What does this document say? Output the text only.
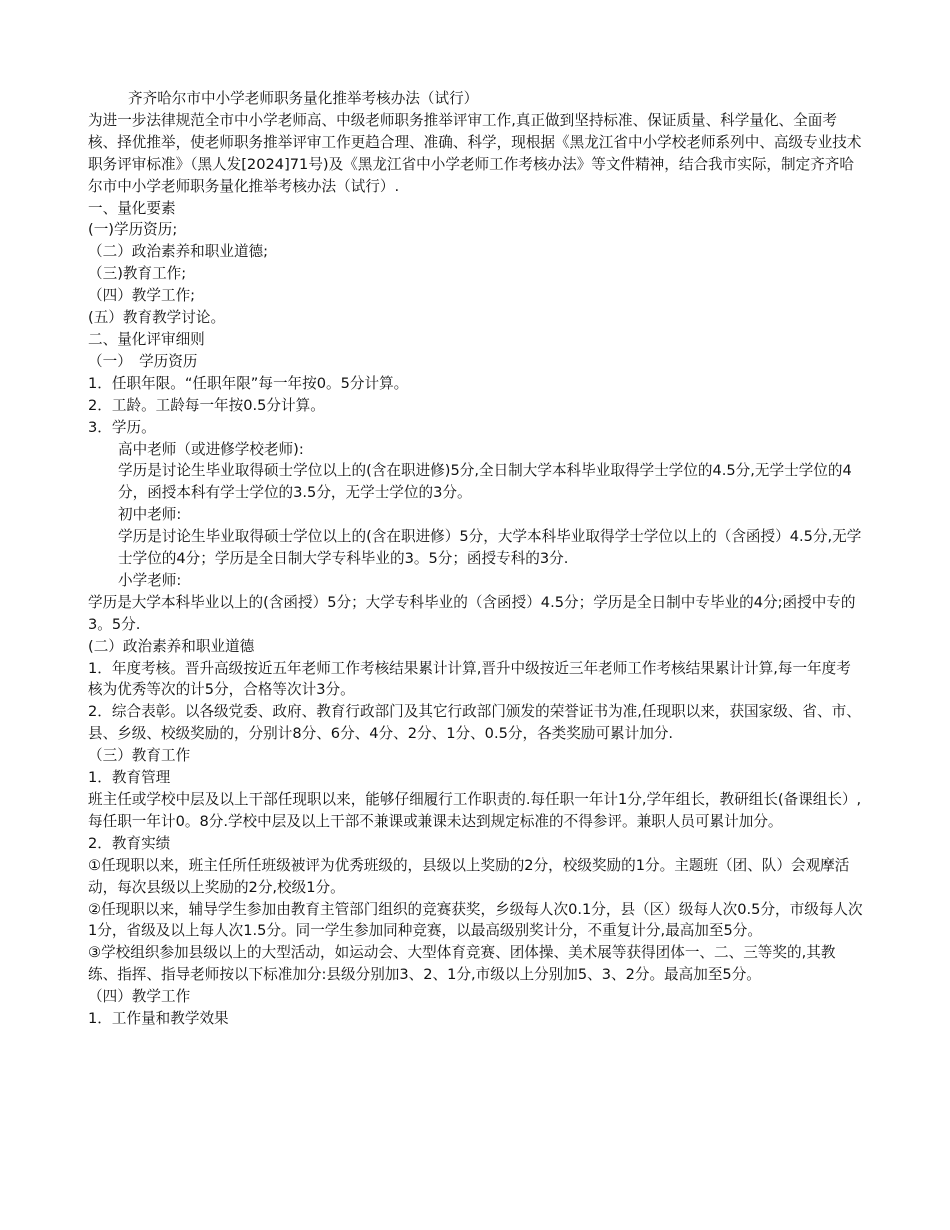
齐齐哈尔市中小学老师职务量化推举考核办法（试行）

为进一步法律规范全市中小学老师高、中级老师职务推举评审工作,真正做到坚持标准、保证质量、科学量化、全面考核、择优推举，使老师职务推举评审工作更趋合理、准确、科学，现根据《黑龙江省中小学校老师系列中、高级专业技术职务评审标准》（黑人发[2024]71号)及《黑龙江省中小学老师工作考核办法》等文件精神，结合我市实际，制定齐齐哈尔市中小学老师职务量化推举考核办法（试行）.

一、量化要素

(一)学历资历;

（二）政治素养和职业道德;

（三)教育工作;

（四）教学工作;

(五）教育教学讨论。

二、量化评审细则

（一）　学历资历

1．任职年限。“任职年限”每一年按0。5分计算。

2．工龄。工龄每一年按0.5分计算。

3．学历。

高中老师（或进修学校老师):

学历是讨论生毕业取得硕士学位以上的(含在职进修)5分,全日制大学本科毕业取得学士学位的4.5分,无学士学位的4分，函授本科有学士学位的3.5分，无学士学位的3分。

初中老师:

学历是讨论生毕业取得硕士学位以上的(含在职进修）5分，大学本科毕业取得学士学位以上的（含函授）4.5分,无学士学位的4分；学历是全日制大学专科毕业的3。5分；函授专科的3分.

小学老师:

学历是大学本科毕业以上的(含函授）5分；大学专科毕业的（含函授）4.5分；学历是全日制中专毕业的4分;函授中专的3。5分.

(二）政治素养和职业道德

1．年度考核。晋升高级按近五年老师工作考核结果累计计算,晋升中级按近三年老师工作考核结果累计计算,每一年度考核为优秀等次的计5分，合格等次计3分。

2．综合表彰。以各级党委、政府、教育行政部门及其它行政部门颁发的荣誉证书为准,任现职以来，获国家级、省、市、县、乡级、校级奖励的，分别计8分、6分、4分、2分、1分、0.5分，各类奖励可累计加分.

（三）教育工作

1．教育管理

班主任或学校中层及以上干部任现职以来，能够仔细履行工作职责的.每任职一年计1分,学年组长，教研组长(备课组长）,每任职一年计0。8分.学校中层及以上干部不兼课或兼课未达到规定标准的不得参评。兼职人员可累计加分。

2．教育实绩

①任现职以来，班主任所任班级被评为优秀班级的，县级以上奖励的2分，校级奖励的1分。主题班（团、队）会观摩活动，每次县级以上奖励的2分,校级1分。

②任现职以来，辅导学生参加由教育主管部门组织的竞赛获奖，乡级每人次0.1分，县（区）级每人次0.5分，市级每人次1分，省级及以上每人次1.5分。同一学生参加同种竞赛，以最高级别奖计分，不重复计分,最高加至5分。

③学校组织参加县级以上的大型活动，如运动会、大型体育竞赛、团体操、美术展等获得团体一、二、三等奖的,其教练、指挥、指导老师按以下标准加分:县级分别加3、2、1分,市级以上分别加5、3、2分。最高加至5分。

（四）教学工作

1．工作量和教学效果
